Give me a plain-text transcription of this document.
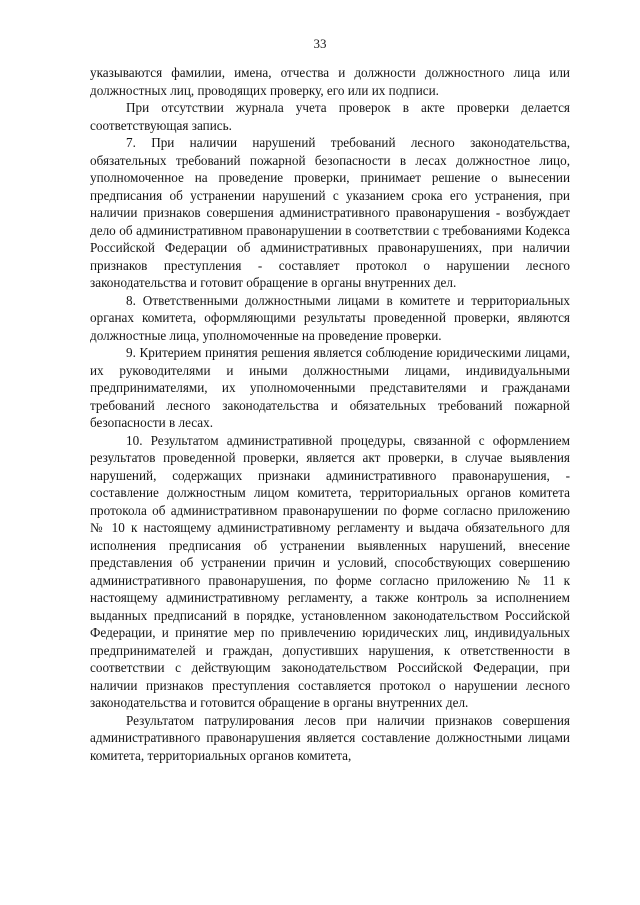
33

указываются фамилии, имена, отчества и должности должностного лица или должностных лиц, проводящих проверку, его или их подписи.

При отсутствии журнала учета проверок в акте проверки делается соответствующая запись.

7. При наличии нарушений требований лесного законодательства, обязательных требований пожарной безопасности в лесах должностное лицо, уполномоченное на проведение проверки, принимает решение о вынесении предписания об устранении нарушений с указанием срока его устранения, при наличии признаков совершения административного правонарушения - возбуждает дело об административном правонарушении в соответствии с требованиями Кодекса Российской Федерации об административных правонарушениях, при наличии признаков преступления - составляет протокол о нарушении лесного законодательства и готовит обращение в органы внутренних дел.

8. Ответственными должностными лицами в комитете и территориальных органах комитета, оформляющими результаты проведенной проверки, являются должностные лица, уполномоченные на проведение проверки.

9. Критерием принятия решения является соблюдение юридическими лицами, их руководителями и иными должностными лицами, индивидуальными предпринимателями, их уполномоченными представителями и гражданами требований лесного законодательства и обязательных требований пожарной безопасности в лесах.

10. Результатом административной процедуры, связанной с оформлением результатов проведенной проверки, является акт проверки, в случае выявления нарушений, содержащих признаки административного правонарушения, - составление должностным лицом комитета, территориальных органов комитета протокола об административном правонарушении по форме согласно приложению № 10 к настоящему административному регламенту и выдача обязательного для исполнения предписания об устранении выявленных нарушений, внесение представления об устранении причин и условий, способствующих совершению административного правонарушения, по форме согласно приложению № 11 к настоящему административному регламенту, а также контроль за исполнением выданных предписаний в порядке, установленном законодательством Российской Федерации, и принятие мер по привлечению юридических лиц, индивидуальных предпринимателей и граждан, допустивших нарушения, к ответственности в соответствии с действующим законодательством Российской Федерации, при наличии признаков преступления составляется протокол о нарушении лесного законодательства и готовится обращение в органы внутренних дел.

Результатом патрулирования лесов при наличии признаков совершения административного правонарушения является составление должностными лицами комитета, территориальных органов комитета,
